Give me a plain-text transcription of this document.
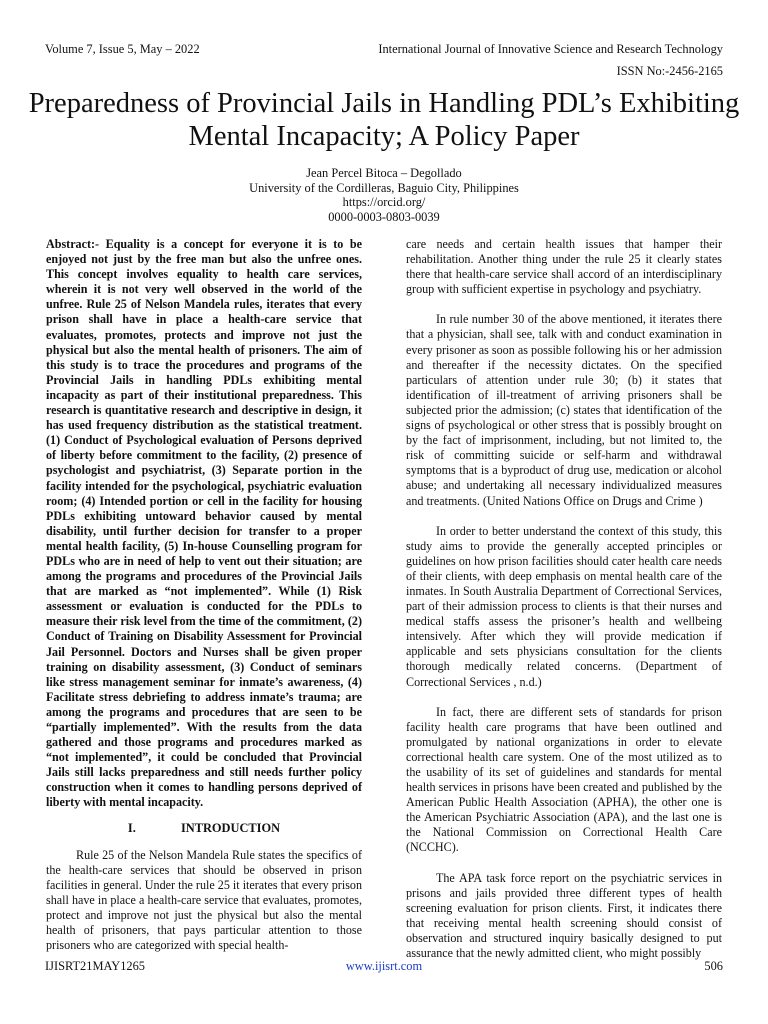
Volume 7, Issue 5, May – 2022	International Journal of Innovative Science and Research Technology
ISSN No:-2456-2165
Preparedness of Provincial Jails in Handling PDL’s Exhibiting Mental Incapacity; A Policy Paper
Jean Percel Bitoca – Degollado
University of the Cordilleras, Baguio City, Philippines
https://orcid.org/
0000-0003-0803-0039

Abstract:- Equality is a concept for everyone it is to be enjoyed not just by the free man but also the unfree ones. This concept involves equality to health care services, wherein it is not very well observed in the world of the unfree. Rule 25 of Nelson Mandela rules, iterates that every prison shall have in place a health-care service that evaluates, promotes, protects and improve not just the physical but also the mental health of prisoners. The aim of this study is to trace the procedures and programs of the Provincial Jails in handling PDLs exhibiting mental incapacity as part of their institutional preparedness. This research is quantitative research and descriptive in design, it has used frequency distribution as the statistical treatment. (1) Conduct of Psychological evaluation of Persons deprived of liberty before commitment to the facility, (2) presence of psychologist and psychiatrist, (3) Separate portion in the facility intended for the psychological, psychiatric evaluation room; (4) Intended portion or cell in the facility for housing PDLs exhibiting untoward behavior caused by mental disability, until further decision for transfer to a proper mental health facility, (5) In-house Counselling program for PDLs who are in need of help to vent out their situation; are among the programs and procedures of the Provincial Jails that are marked as “not implemented”. While (1) Risk assessment or evaluation is conducted for the PDLs to measure their risk level from the time of the commitment, (2) Conduct of Training on Disability Assessment for Provincial Jail Personnel. Doctors and Nurses shall be given proper training on disability assessment, (3) Conduct of seminars like stress management seminar for inmate’s awareness, (4) Facilitate stress debriefing to address inmate’s trauma; are among the programs and procedures that are seen to be “partially implemented”. With the results from the data gathered and those programs and procedures marked as “not implemented”, it could be concluded that Provincial Jails still lacks preparedness and still needs further policy construction when it comes to handling persons deprived of liberty with mental incapacity.

I.	INTRODUCTION

Rule 25 of the Nelson Mandela Rule states the specifics of the health-care services that should be observed in prison facilities in general. Under the rule 25 it iterates that every prison shall have in place a health-care service that evaluates, promotes, protect and improve not just the physical but also the mental health of prisoners, that pays particular attention to those prisoners who are categorized with special health-

care needs and certain health issues that hamper their rehabilitation. Another thing under the rule 25 it clearly states there that health-care service shall accord of an interdisciplinary group with sufficient expertise in psychology and psychiatry.

In rule number 30 of the above mentioned, it iterates there that a physician, shall see, talk with and conduct examination in every prisoner as soon as possible following his or her admission and thereafter if the necessity dictates. On the specified particulars of attention under rule 30; (b) it states that identification of ill-treatment of arriving prisoners shall be subjected prior the admission; (c) states that identification of the signs of psychological or other stress that is possibly brought on by the fact of imprisonment, including, but not limited to, the risk of committing suicide or self-harm and withdrawal symptoms that is a byproduct of drug use, medication or alcohol abuse; and undertaking all necessary individualized measures and treatments. (United Nations Office on Drugs and Crime )

In order to better understand the context of this study, this study aims to provide the generally accepted principles or guidelines on how prison facilities should cater health care needs of their clients, with deep emphasis on mental health care of the inmates. In South Australia Department of Correctional Services, part of their admission process to clients is that their nurses and medical staffs assess the prisoner’s health and wellbeing intensively. After which they will provide medication if applicable and sets physicians consultation for the clients thorough medically related concerns. (Department of Correctional Services , n.d.)

In fact, there are different sets of standards for prison facility health care programs that have been outlined and promulgated by national organizations in order to elevate correctional health care system. One of the most utilized as to the usability of its set of guidelines and standards for mental health services in prisons have been created and published by the American Public Health Association (APHA), the other one is the American Psychiatric Association (APA), and the last one is the National Commission on Correctional Health Care (NCCHC).

The APA task force report on the psychiatric services in prisons and jails provided three different types of health screening evaluation for prison clients. First, it indicates there that receiving mental health screening should consist of observation and structured inquiry basically designed to put assurance that the newly admitted client, who might possibly

IJISRT21MAY1265	www.ijisrt.com	506
